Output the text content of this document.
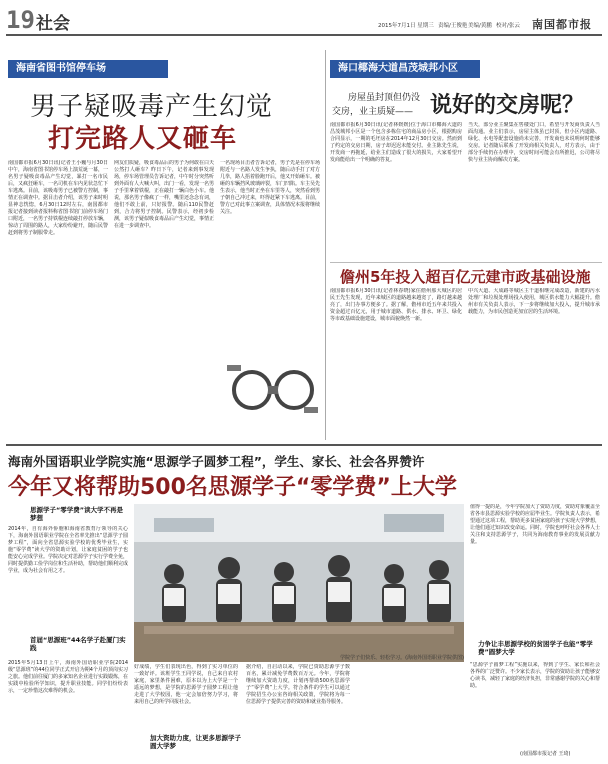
19 社会	2015年7月1日 星期三 责编/王俊艳 美编/黄鹏 校对/张云 南国都市报
海南省图书馆停车场
男子疑吸毒产生幻觉
打完路人又砸车
南国都市报6月30日讯(记者王小巍与月30日中午，海南省图书馆停车场上演荒诞一幕，一名男子疑吸食毒品产生幻觉，暴打一名市民后，又疯狂砸车，一名司机在车内见状急忙下车逃离。目前，该吸毒男子已被警方控制，事情正在调查中。据目击者介绍，该男子来时明显神志恍惚，6月30日12时左右，南国都市报记者接到读者报料称省图书馆门前停车场门口附近，一名男子持铁棍连续敲打停放车辆，惊动了周围的路人，大家纷纷避开，随后民警赶到将男子制服带走。
网友们质疑，吸食毒品后的男子为何敢在白天公然打人砸车？昨日下午，记者来到事发现场，停车场管理员告诉记者，中午时分突然听到外面有人大喊大叫，出门一看，发现一名男子手里拿着铁棍，正在敲打一辆白色小车。他说，那名男子像疯了一样，嘴里还念念有词，他们不敢上前，只好报警。随后110民警赶到，合力将男子控制。民警表示，经初步检测，该男子疑似吸食毒品后产生幻觉，事情正在进一步调查中。
一名现场目击者告诉记者，男子先是在停车场附近与一名路人发生争执，随后动手打了对方几拳，路人捂着脸跑开后，他又开始砸车。被砸的车辆挡风玻璃碎裂，车门凹陷。车主吴先生表示，他当时正坐在车里等人，突然看到男子朝自己冲过来，吓得赶紧下车逃离。目前，警方已对此事立案调查，具体情况本报将继续关注。
海口椰海大道昌茂城邦小区
房屋虽封顶但仍没
交房，业主质疑—— 说好的交房呢？
南国都市报6月30日讯(记者林媛媛)位于海口市椰海大道的昌茂城邦小区是一个包含多栋住宅的商品房小区，根据购房合同显示，一期的毛坯房在2014年12月30日交房。然而到了约定的交房日期，房子却迟迟未能交付。业主陈先生说，开发商一再拖延，给业主们造成了很大的损失，大家希望开发商能给出一个明确的答复。
当天，部分业主聚集在售楼处门口，希望与开发商负责人当面沟通。业主们表示，房屋主体虽已封顶，但小区内道路、绿化、水电等配套设施尚未完善，开发商也未说明何时能够交房。记者随后联系了开发商相关负责人，对方表示，由于部分手续仍在办理中，交房时间可能会有所推迟，公司将尽快与业主协商解决方案。
儋州5年投入超百亿元建市政基础设施
南国都市报6月30日讯(记者林春晓)家住儋州那大城区的居民王先生发现，近年来城区的道路越来越宽了，路灯越来越亮了，出门办事方便多了。据了解，儋州市近五年来共投入资金超过百亿元，用于城市道路、供水、排水、环卫、绿化等市政基础设施建设，城市面貌焕然一新。
中兴大道、大成路等城区主干道相继完成改造，新建的污水处理厂和垃圾处理场投入使用，城区供水能力大幅提升。儋州市有关负责人表示，下一步将继续加大投入，提升城市承载能力，为市民创造更加宜居的生活环境。
海南外国语职业学院实施“思源学子圆梦工程”，学生、家长、社会各界赞许
今年又将帮助500名思源学子“零学费”上大学
思源学子“零学费”读大学不再是梦想
2014年，自有海外侨胞和海南省教育厅领导的关心下，海南外国语职业学院在全省率先推出“思源学子圆梦工程”，面向全省思源实验学校的优秀毕业生，实施“零学费”读大学的资助计划，让家庭贫困的学子也能安心完成学业。学院决定对思源学子实行学费全免，同时提供勤工俭学岗位和生活补助，帮助他们顺利完成学业，成为社会有用之才。
首届“思源班”44名学子赴厦门实践
2015年5月13日上午，海南外国语职业学院2014级“思源班”的44位同学正式开启为期4个月的顶岗实习之旅。他们前往厦门的多家知名企业进行实践锻炼，在实践中检验所学知识，提升职业技能。同学们纷纷表示，一定珍惜这次难得的机会。
学院学子们快乐、轻松学习。(海南外国语职业学院供图)
好成绩，学生们表现出色，得到了实习单位的一致好评。该班学生王同学说，自己来自农村家庭，家里条件困难，原本以为上大学是一个遥远的梦想，是学院的思源学子圆梦工程让他走进了大学校园，他一定会加倍努力学习，将来用自己的所学回报社会。
加大资助力度，让更多思源学子圆大学梦
据介绍，自启动以来，学院已资助思源学子数百名，累计减免学费数百万元。今年，学院将继续加大资助力度，计划再帮助500名思源学子“零学费”上大学。符合条件的学生可以通过学院招生办公室咨询相关政策，学院将为每一位思源学子提供完善的资助和就业指导服务。
值得一提的是，今年学院加大了资助力度，资助对象覆盖全省各市县思源实验学校的应届毕业生。学院负责人表示，希望通过这项工程，帮助更多贫困家庭的孩子实现大学梦想，让他们通过知识改变命运。同时，学院也呼吁社会各界人士关注和支持思源学子，共同为海南教育事业的发展贡献力量。
力争让丰思源学校的贫困学子也能“零学费”圆梦大学
“思源学子圆梦工程”实施以来，得到了学生、家长和社会各界的广泛赞许。不少家长表示，学院的资助让孩子能够安心读书，减轻了家庭的经济负担，非常感谢学院的关心和帮助。
(南国都市报记者 王琦)
